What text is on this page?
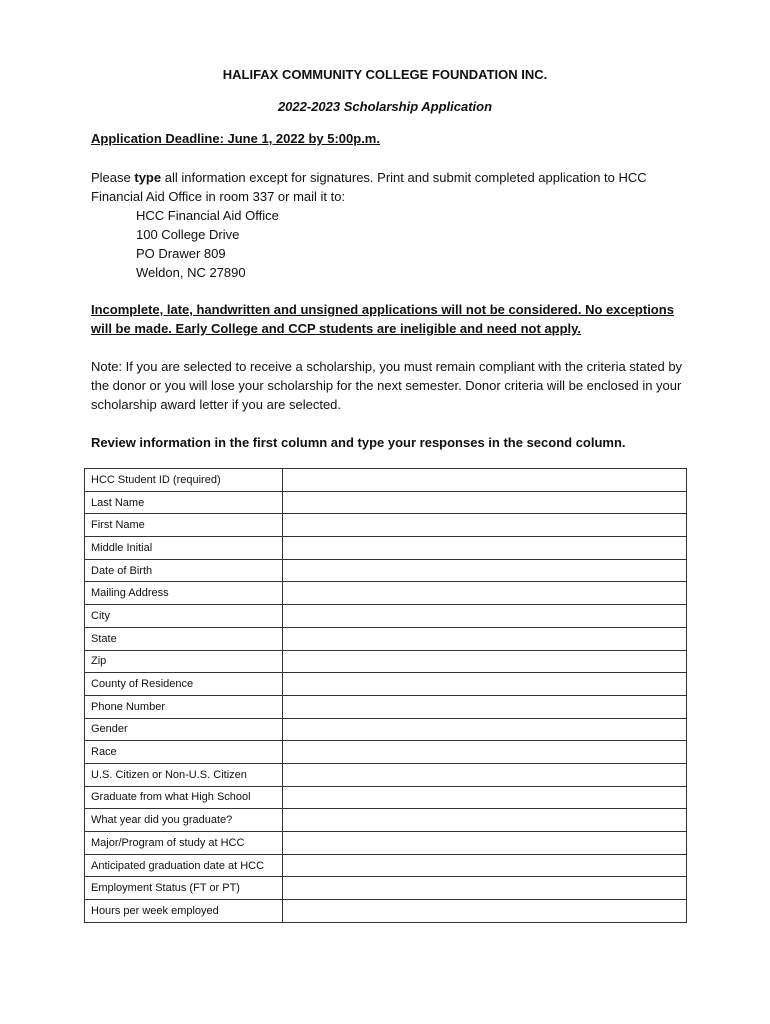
HALIFAX COMMUNITY COLLEGE FOUNDATION INC.
2022-2023 Scholarship Application
Application Deadline: June 1, 2022 by 5:00p.m.
Please type all information except for signatures. Print and submit completed application to HCC Financial Aid Office in room 337 or mail it to:
HCC Financial Aid Office
100 College Drive
PO Drawer 809
Weldon, NC 27890
Incomplete, late, handwritten and unsigned applications will not be considered. No exceptions will be made. Early College and CCP students are ineligible and need not apply.
Note: If you are selected to receive a scholarship, you must remain compliant with the criteria stated by the donor or you will lose your scholarship for the next semester. Donor criteria will be enclosed in your scholarship award letter if you are selected.
Review information in the first column and type your responses in the second column.
HCC Student ID (required)	
Last Name	
First Name	
Middle Initial	
Date of Birth	
Mailing Address	
City	
State	
Zip	
County of Residence	
Phone Number	
Gender	
Race	
U.S. Citizen or Non-U.S. Citizen	
Graduate from what High School	
What year did you graduate?	
Major/Program of study at HCC	
Anticipated graduation date at HCC	
Employment Status (FT or PT)	
Hours per week employed	
